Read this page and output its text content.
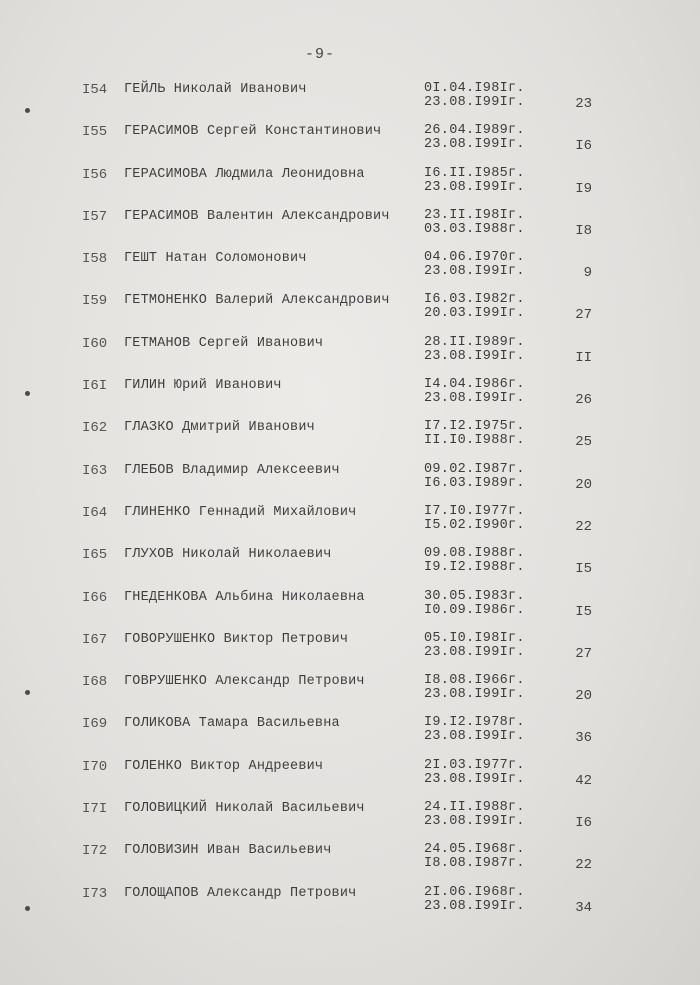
-9-
I54 ГЕЙЛЬ Николай Иванович	0I.04.I98Iг.
23.08.I99Iг.	23
I55 ГЕРАСИМОВ Сергей Константинович	26.04.I989г.
23.08.I99Iг.	I6
I56 ГЕРАСИМОВА Людмила Леонидовна	I6.II.I985г.
23.08.I99Iг.	I9
I57 ГЕРАСИМОВ Валентин Александрович	23.II.I98Iг.
03.03.I988г.	I8
I58 ГЕШТ Натан Соломонович	04.06.I970г.
23.08.I99Iг.	9
I59 ГЕТМОНЕНКО Валерий Александрович	I6.03.I982г.
20.03.I99Iг.	27
I60 ГЕТМАНОВ Сергей Иванович	28.II.I989г.
23.08.I99Iг.	II
I6I ГИЛИН Юрий Иванович	I4.04.I986г.
23.08.I99Iг.	26
I62 ГЛАЗКО Дмитрий Иванович	I7.I2.I975г.
II.I0.I988г.	25
I63 ГЛЕБОВ Владимир Алексеевич	09.02.I987г.
I6.03.I989г.	20
I64 ГЛИНЕНКО Геннадий Михайлович	I7.I0.I977г.
I5.02.I990г.	22
I65 ГЛУХОВ Николай Николаевич	09.08.I988г.
I9.I2.I988г.	I5
I66 ГНЕДЕНКОВА Альбина Николаевна	30.05.I983г.
I0.09.I986г.	I5
I67 ГОВОРУШЕНКО Виктор Петрович	05.I0.I98Iг.
23.08.I99Iг.	27
I68 ГОВРУШЕНКО Александр Петрович	I8.08.I966г.
23.08.I99Iг.	20
I69 ГОЛИКОВА Тамара Васильевна	I9.I2.I978г.
23.08.I99Iг.	36
I70 ГОЛЕНКО Виктор Андреевич	2I.03.I977г.
23.08.I99Iг.	42
I7I ГОЛОВИЦКИЙ Николай Васильевич	24.II.I988г.
23.08.I99Iг.	I6
I72 ГОЛОВИЗИН Иван Васильевич	24.05.I968г.
I8.08.I987г.	22
I73 ГОЛОЩАПОВ Александр Петрович	2I.06.I968г.
23.08.I99Iг.	34
